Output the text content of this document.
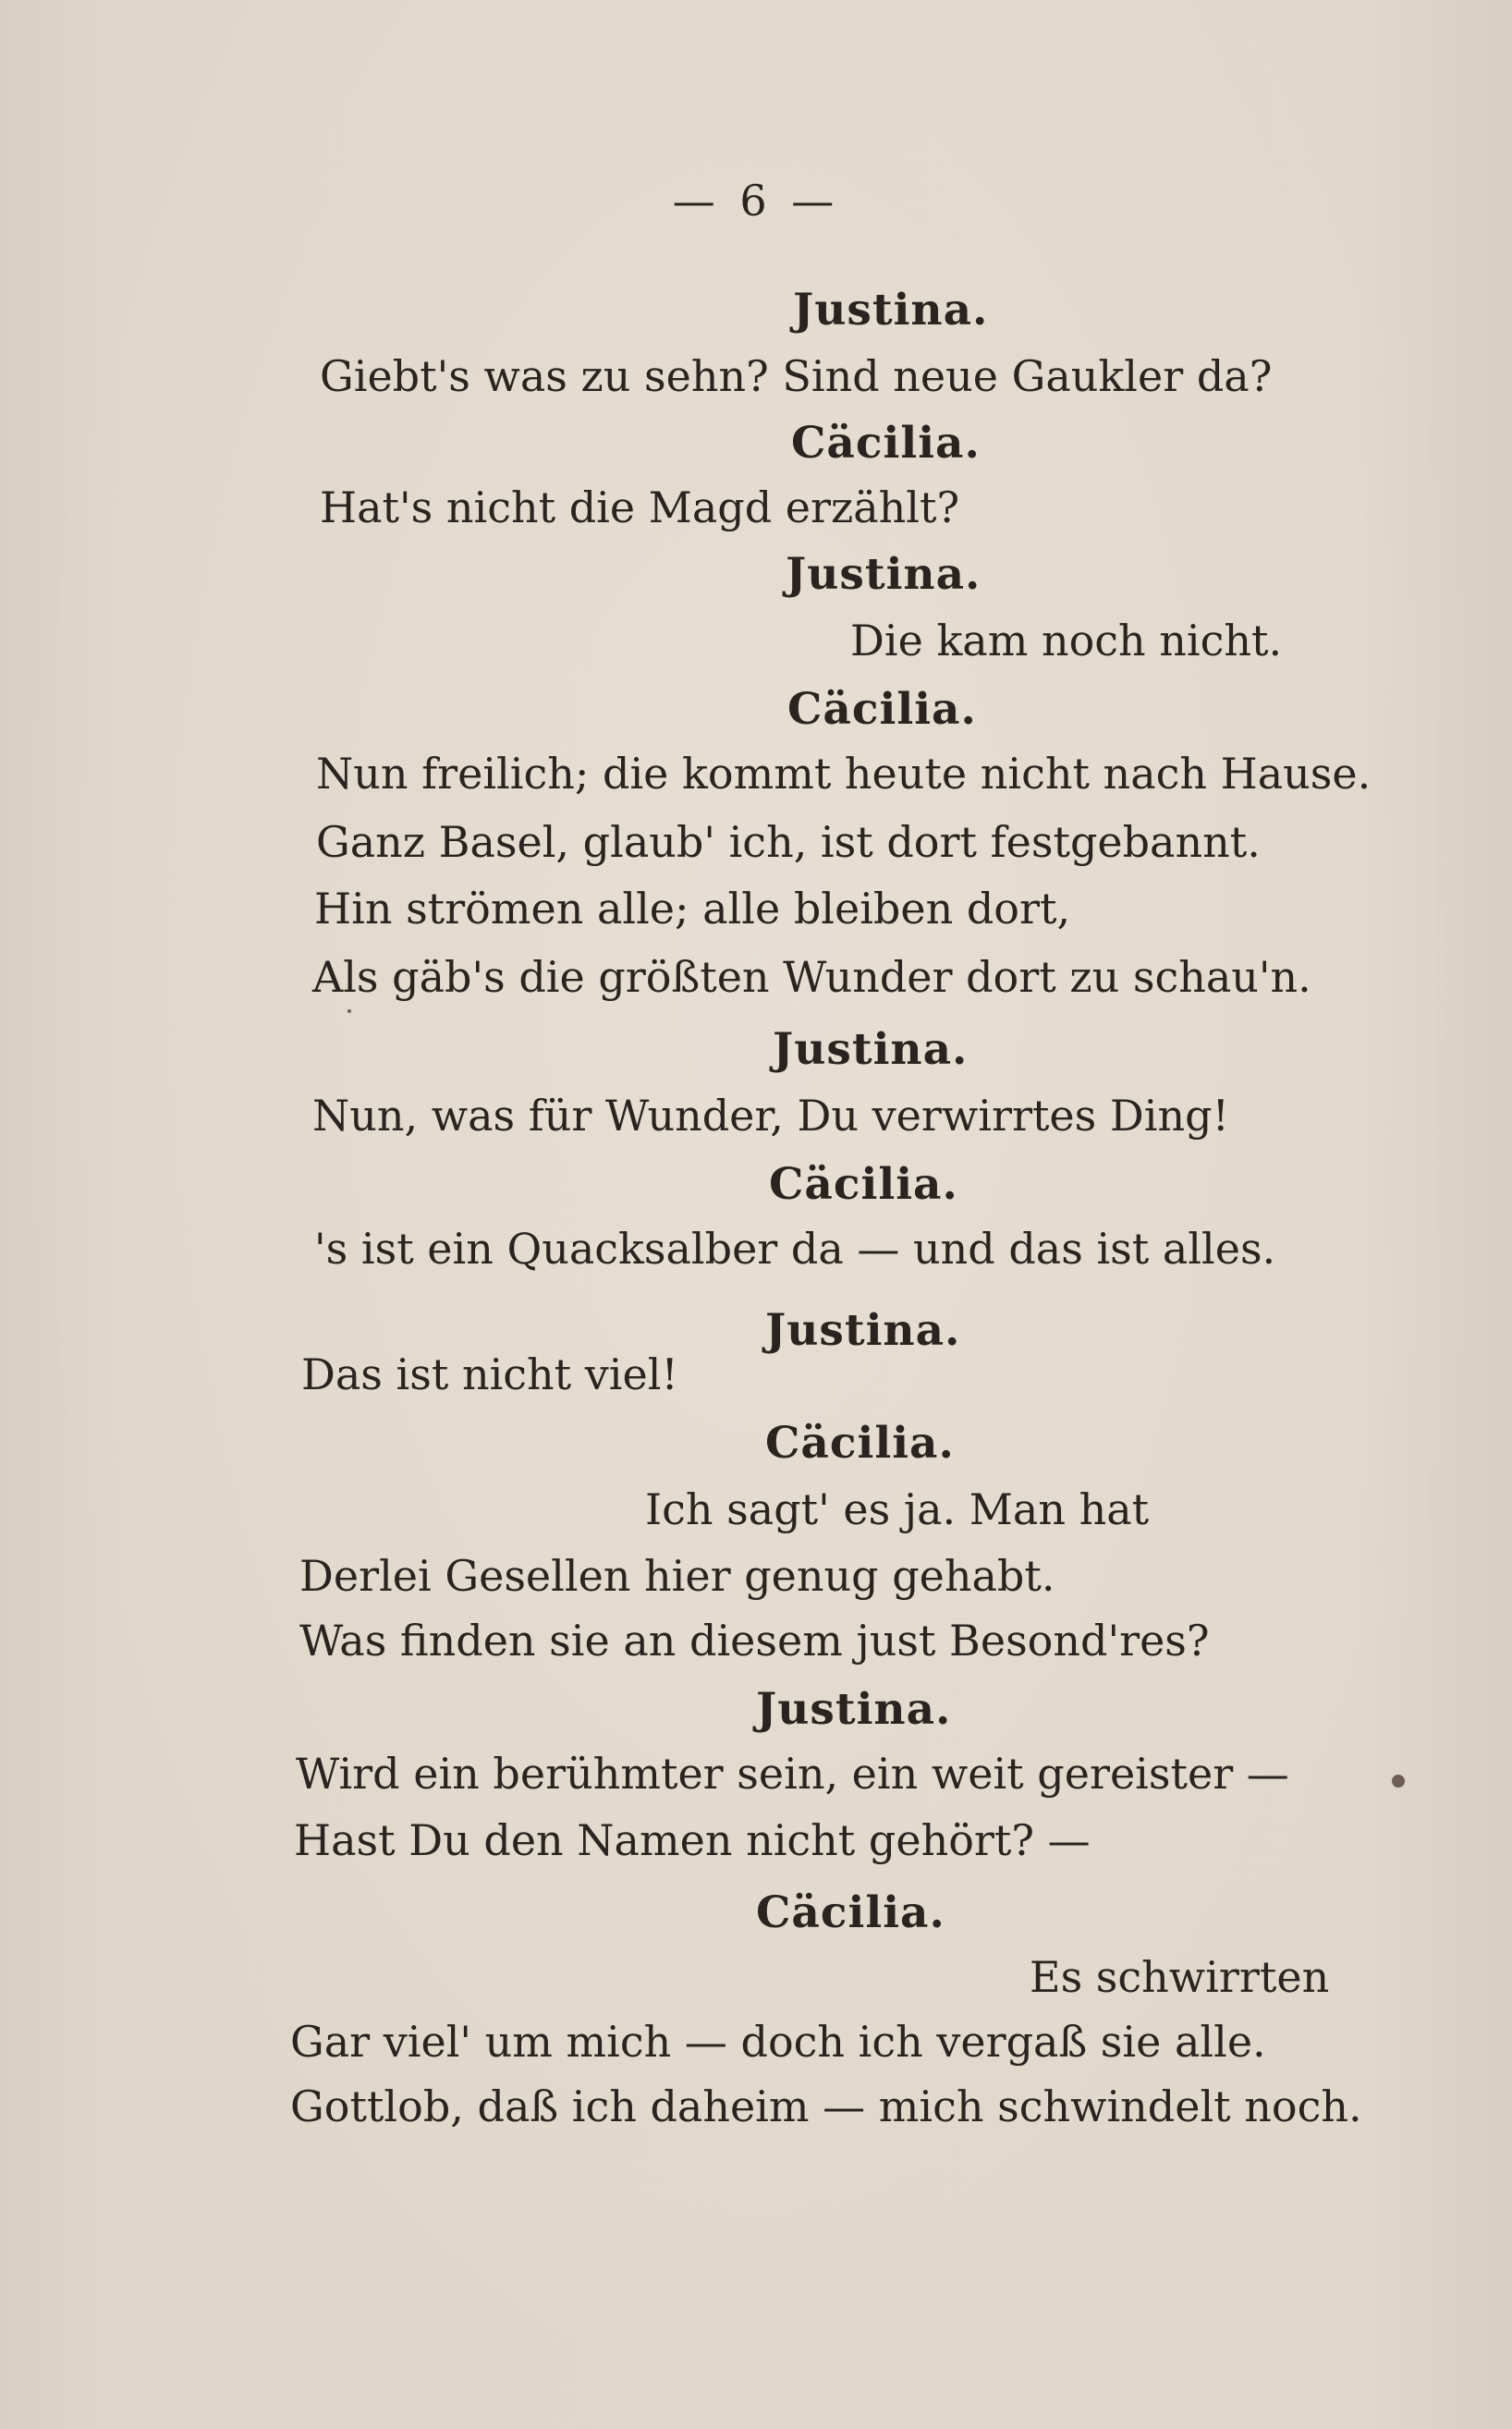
— 6 —
Justina.
Giebt's was zu sehn? Sind neue Gaukler da?
Cäcilia.
Hat's nicht die Magd erzählt?
Justina.
Die kam noch nicht.
Cäcilia.
Nun freilich; die kommt heute nicht nach Hause.
Ganz Basel, glaub' ich, ist dort festgebannt.
Hin strömen alle; alle bleiben dort,
Als gäb's die größten Wunder dort zu schau'n.
Justina.
Nun, was für Wunder, Du verwirrtes Ding!
Cäcilia.
's ist ein Quacksalber da — und das ist alles.
Justina.
Das ist nicht viel!
Cäcilia.
Ich sagt' es ja. Man hat
Derlei Gesellen hier genug gehabt.
Was finden sie an diesem just Besond'res?
Justina.
Wird ein berühmter sein, ein weit gereister —
Hast Du den Namen nicht gehört? —
Cäcilia.
Es schwirrten
Gar viel' um mich — doch ich vergaß sie alle.
Gottlob, daß ich daheim — mich schwindelt noch.
